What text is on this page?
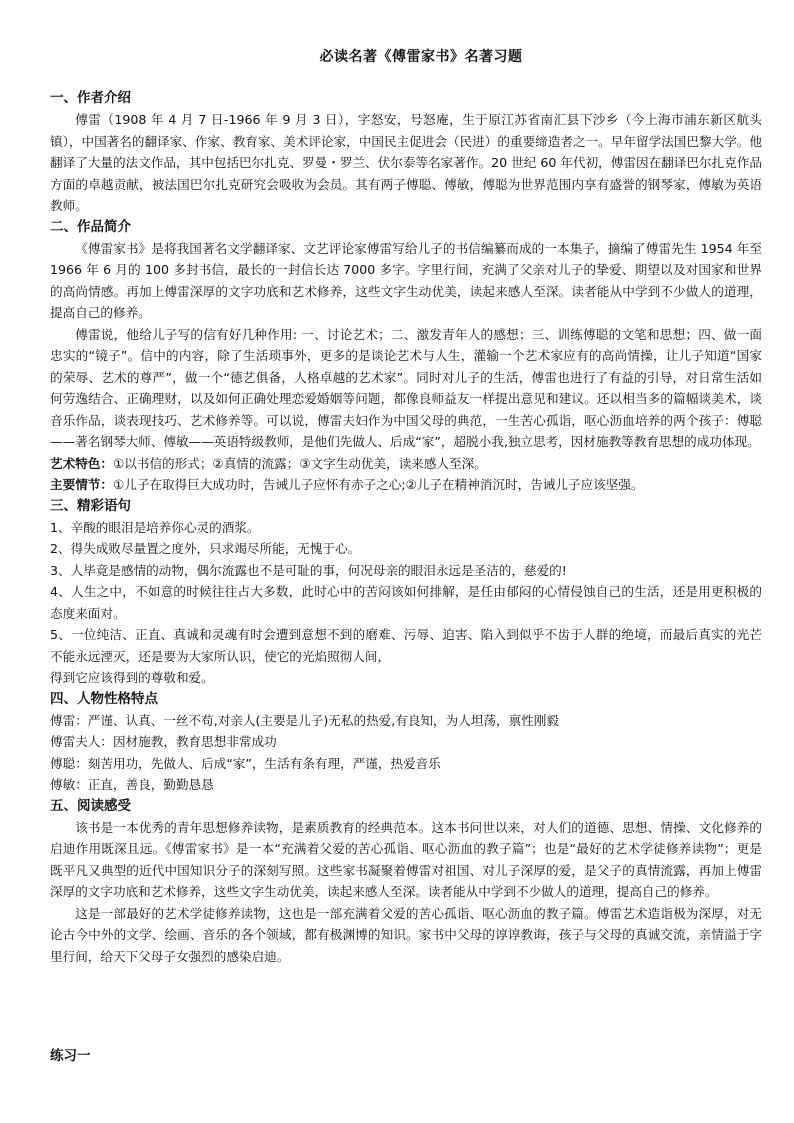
必读名著《傅雷家书》名著习题
一、作者介绍

傅雷（1908 年 4 月 7 日-1966 年 9 月 3 日），字怒安，号怒庵，生于原江苏省南汇县下沙乡（今上海市浦东新区航头镇），中国著名的翻译家、作家、教育家、美术评论家，中国民主促进会（民进）的重要缔造者之一。早年留学法国巴黎大学。他翻译了大量的法文作品，其中包括巴尔扎克、罗曼・罗兰、伏尔泰等名家著作。20 世纪 60 年代初，傅雷因在翻译巴尔扎克作品方面的卓越贡献，被法国巴尔扎克研究会吸收为会员。其有两子傅聪、傅敏，傅聪为世界范围内享有盛誉的钢琴家，傅敏为英语教师。

二、作品简介

《傅雷家书》是将我国著名文学翻译家、文艺评论家傅雷写给儿子的书信编纂而成的一本集子，摘编了傅雷先生 1954 年至1966 年 6 月的 100 多封书信，最长的一封信长达 7000 多字。字里行间，充满了父亲对儿子的挚爱、期望以及对国家和世界的高尚情感。再加上傅雷深厚的文字功底和艺术修养，这些文字生动优美，读起来感人至深。读者能从中学到不少做人的道理，提高自己的修养。

傅雷说，他给儿子写的信有好几种作用: 一、讨论艺术；二、激发青年人的感想；三、训练傅聪的文笔和思想；四、做一面忠实的“镜子”。信中的内容，除了生活琐事外，更多的是谈论艺术与人生，灌输一个艺术家应有的高尚情操，让儿子知道“国家的荣辱、艺术的尊严”，做一个“德艺俱备，人格卓越的艺术家”。同时对儿子的生活，傅雷也进行了有益的引导，对日常生活如何劳逸结合、正确理财，以及如何正确处理恋爱婚姻等问题，都像良师益友一样提出意见和建议。还以相当多的篇幅谈美术，谈音乐作品，谈表现技巧、艺术修养等。可以说，傅雷夫妇作为中国父母的典范，一生苦心孤诣，呕心沥血培养的两个孩子：傅聪——著名钢琴大师、傅敏——英语特级教师，是他们先做人、后成“家”，超脱小我,独立思考，因材施教等教育思想的成功体现。

艺术特色：①以书信的形式；②真情的流露；③文字生动优美，读来感人至深。

主要情节：①儿子在取得巨大成功时，告诫儿子应怀有赤子之心;②儿子在精神消沉时，告诫儿子应该坚强。

三、精彩语句

1、辛酸的眼泪是培养你心灵的酒浆。

2、得失成败尽量置之度外，只求竭尽所能，无愧于心。

3、人毕竟是感情的动物，偶尔流露也不是可耻的事，何况母亲的眼泪永远是圣洁的，慈爱的!

4、人生之中，不如意的时候往往占大多数，此时心中的苦闷该如何排解，是任由郁闷的心情侵蚀自己的生活，还是用更积极的态度来面对。

5、一位纯洁、正直、真诚和灵魂有时会遭到意想不到的磨难、污辱、迫害、陷入到似乎不齿于人群的绝境，而最后真实的光芒不能永远湮灭，还是要为大家所认识，使它的光焰照彻人间，

得到它应该得到的尊敬和爱。

四、人物性格特点

傅雷：严谨、认真、一丝不苟,对亲人(主要是儿子)无私的热爱,有良知，为人坦荡，禀性刚毅

傅雷夫人：因材施教，教育思想非常成功

傅聪：刻苦用功，先做人、后成“家”，生活有条有理，严谨，热爱音乐

傅敏：正直，善良，勤勤恳恳

五、阅读感受

该书是一本优秀的青年思想修养读物，是素质教育的经典范本。这本书问世以来，对人们的道德、思想、情操、文化修养的启迪作用既深且远。《傅雷家书》是一本“充满着父爱的苦心孤诣、呕心沥血的教子篇”；也是“最好的艺术学徒修养读物”；更是既平凡又典型的近代中国知识分子的深刻写照。这些家书凝聚着傅雷对祖国、对儿子深厚的爱，是父子的真情流露，再加上傅雷深厚的文字功底和艺术修养，这些文字生动优美，读起来感人至深。读者能从中学到不少做人的道理，提高自己的修养。

这是一部最好的艺术学徒修养读物，这也是一部充满着父爱的苦心孤诣、呕心沥血的教子篇。傅雷艺术造诣极为深厚，对无论古今中外的文学、绘画、音乐的各个领域，都有极渊博的知识。家书中父母的谆谆教诲，孩子与父母的真诚交流，亲情溢于字里行间，给天下父母子女强烈的感染启迪。

练习一
